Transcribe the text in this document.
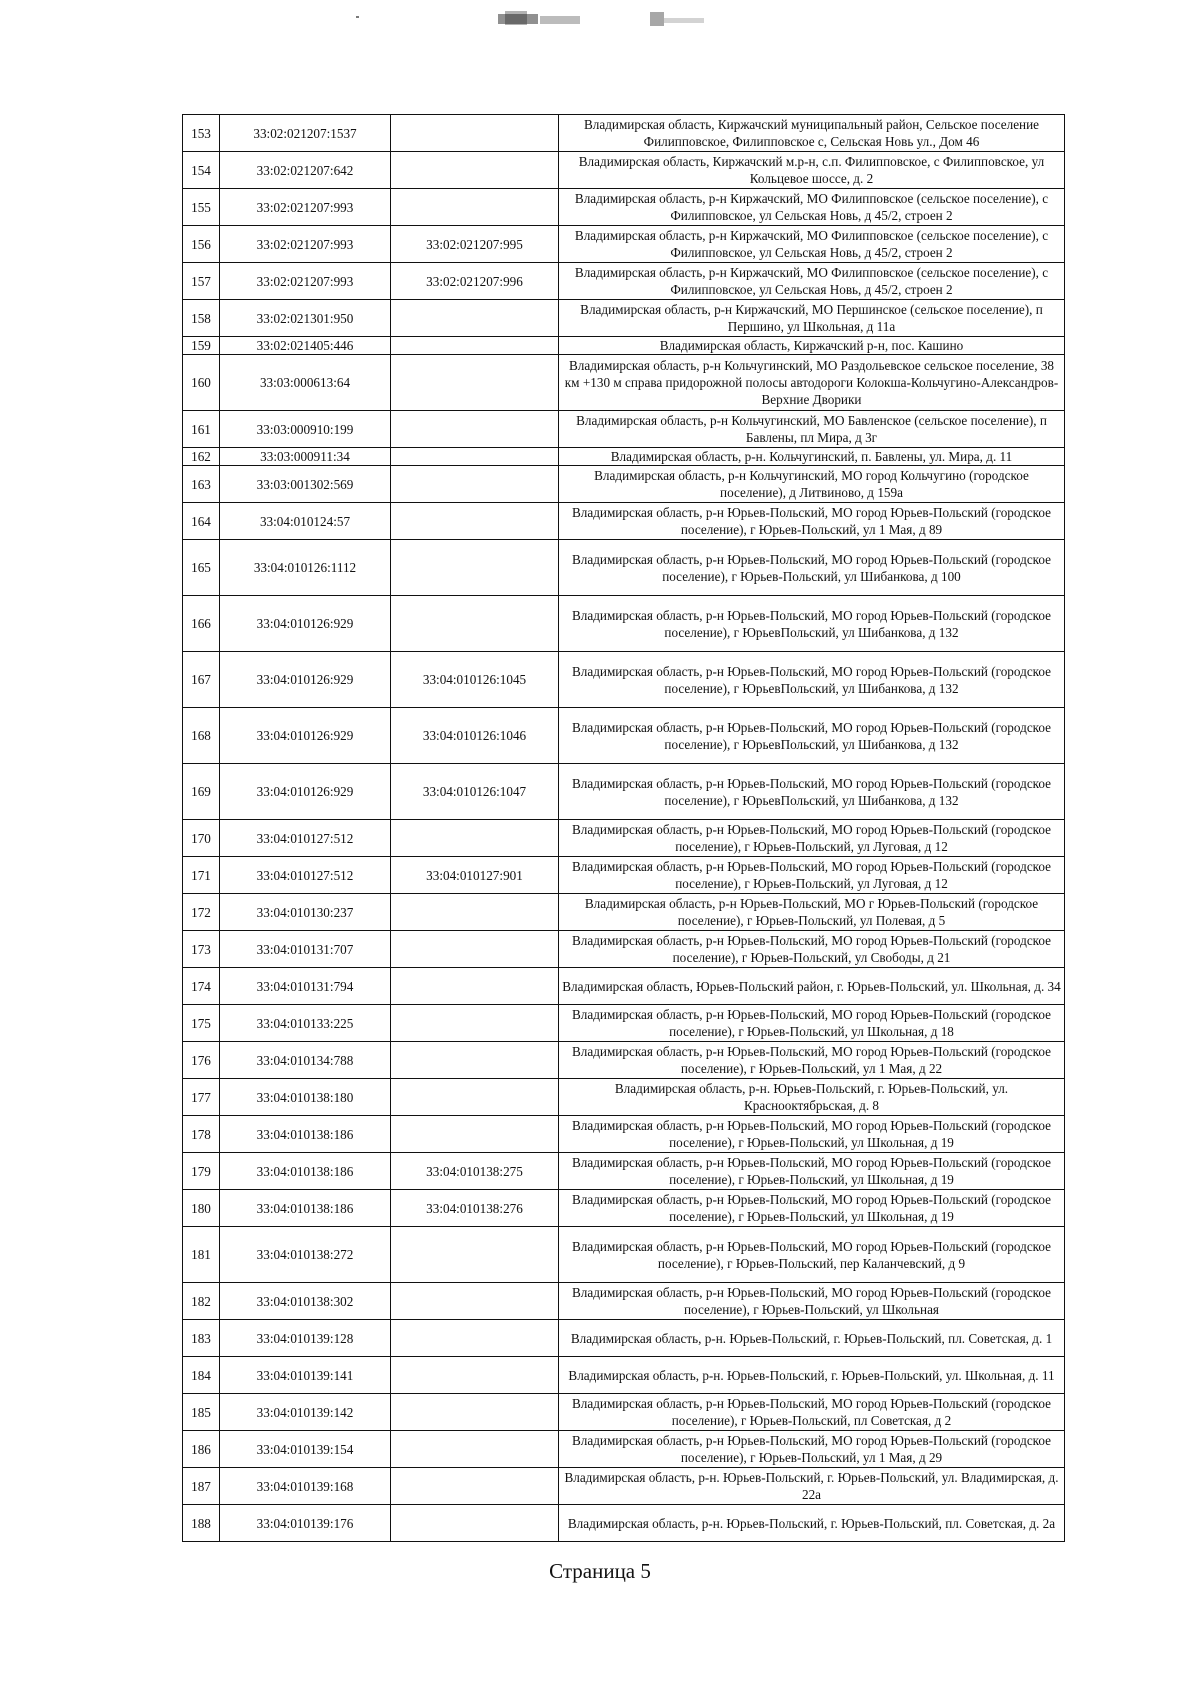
153	33:02:021207:1537		Владимирская область, Киржачский муниципальный район, Сельское поселение Филипповское, Филипповское с, Сельская Новь ул., Дом 46
154	33:02:021207:642		Владимирская область, Киржачский м.р-н, с.п. Филипповское, с Филипповское, ул Кольцевое шоссе, д. 2
155	33:02:021207:993		Владимирская область, р-н Киржачский, МО Филипповское (сельское поселение), с Филипповское, ул Сельская Новь, д 45/2, строен 2
156	33:02:021207:993	33:02:021207:995	Владимирская область, р-н Киржачский, МО Филипповское (сельское поселение), с Филипповское, ул Сельская Новь, д 45/2, строен 2
157	33:02:021207:993	33:02:021207:996	Владимирская область, р-н Киржачский, МО Филипповское (сельское поселение), с Филипповское, ул Сельская Новь, д 45/2, строен 2
158	33:02:021301:950		Владимирская область, р-н Киржачский, МО Першинское (сельское поселение), п Першино, ул Школьная, д 11а
159	33:02:021405:446		Владимирская область, Киржачский р-н, пос. Кашино
160	33:03:000613:64		Владимирская область, р-н Кольчугинский, МО Раздольевское сельское поселение, 38 км +130 м справа придорожной полосы автодороги Колокша-Кольчугино-Александров-Верхние Дворики
161	33:03:000910:199		Владимирская область, р-н Кольчугинский, МО Бавленское (сельское поселение), п Бавлены, пл Мира, д 3г
162	33:03:000911:34		Владимирская область, р-н. Кольчугинский, п. Бавлены, ул. Мира, д. 11
163	33:03:001302:569		Владимирская область, р-н Кольчугинский, МО город Кольчугино (городское поселение), д Литвиново, д 159а
164	33:04:010124:57		Владимирская область, р-н Юрьев-Польский, МО город Юрьев-Польский (городское поселение), г Юрьев-Польский, ул 1 Мая, д 89
165	33:04:010126:1112		Владимирская область, р-н Юрьев-Польский, МО город Юрьев-Польский (городское поселение), г Юрьев-Польский, ул Шибанкова, д 100
166	33:04:010126:929		Владимирская область, р-н Юрьев-Польский, МО город Юрьев-Польский (городское поселение), г ЮрьевПольский, ул Шибанкова, д 132
167	33:04:010126:929	33:04:010126:1045	Владимирская область, р-н Юрьев-Польский, МО город Юрьев-Польский (городское поселение), г ЮрьевПольский, ул Шибанкова, д 132
168	33:04:010126:929	33:04:010126:1046	Владимирская область, р-н Юрьев-Польский, МО город Юрьев-Польский (городское поселение), г ЮрьевПольский, ул Шибанкова, д 132
169	33:04:010126:929	33:04:010126:1047	Владимирская область, р-н Юрьев-Польский, МО город Юрьев-Польский (городское поселение), г ЮрьевПольский, ул Шибанкова, д 132
170	33:04:010127:512		Владимирская область, р-н Юрьев-Польский, МО город Юрьев-Польский (городское поселение), г Юрьев-Польский, ул Луговая, д 12
171	33:04:010127:512	33:04:010127:901	Владимирская область, р-н Юрьев-Польский, МО город Юрьев-Польский (городское поселение), г Юрьев-Польский, ул Луговая, д 12
172	33:04:010130:237		Владимирская область, р-н Юрьев-Польский, МО г Юрьев-Польский (городское поселение), г Юрьев-Польский, ул Полевая, д 5
173	33:04:010131:707		Владимирская область, р-н Юрьев-Польский, МО город Юрьев-Польский (городское поселение), г Юрьев-Польский, ул Свободы, д 21
174	33:04:010131:794		Владимирская область, Юрьев-Польский район, г. Юрьев-Польский, ул. Школьная, д. 34
175	33:04:010133:225		Владимирская область, р-н Юрьев-Польский, МО город Юрьев-Польский (городское поселение), г Юрьев-Польский, ул Школьная, д 18
176	33:04:010134:788		Владимирская область, р-н Юрьев-Польский, МО город Юрьев-Польский (городское поселение), г Юрьев-Польский, ул 1 Мая, д 22
177	33:04:010138:180		Владимирская область, р-н. Юрьев-Польский, г. Юрьев-Польский, ул. Краснооктябрьская, д. 8
178	33:04:010138:186		Владимирская область, р-н Юрьев-Польский, МО город Юрьев-Польский (городское поселение), г Юрьев-Польский, ул Школьная, д 19
179	33:04:010138:186	33:04:010138:275	Владимирская область, р-н Юрьев-Польский, МО город Юрьев-Польский (городское поселение), г Юрьев-Польский, ул Школьная, д 19
180	33:04:010138:186	33:04:010138:276	Владимирская область, р-н Юрьев-Польский, МО город Юрьев-Польский (городское поселение), г Юрьев-Польский, ул Школьная, д 19
181	33:04:010138:272		Владимирская область, р-н Юрьев-Польский, МО город Юрьев-Польский (городское поселение), г Юрьев-Польский, пер Каланчевский, д 9
182	33:04:010138:302		Владимирская область, р-н Юрьев-Польский, МО город Юрьев-Польский (городское поселение), г Юрьев-Польский, ул Школьная
183	33:04:010139:128		Владимирская область, р-н. Юрьев-Польский, г. Юрьев-Польский, пл. Советская, д. 1
184	33:04:010139:141		Владимирская область, р-н. Юрьев-Польский, г. Юрьев-Польский, ул. Школьная, д. 11
185	33:04:010139:142		Владимирская область, р-н Юрьев-Польский, МО город Юрьев-Польский (городское поселение), г Юрьев-Польский, пл Советская, д 2
186	33:04:010139:154		Владимирская область, р-н Юрьев-Польский, МО город Юрьев-Польский (городское поселение), г Юрьев-Польский, ул 1 Мая, д 29
187	33:04:010139:168		Владимирская область, р-н. Юрьев-Польский, г. Юрьев-Польский, ул. Владимирская, д. 22а
188	33:04:010139:176		Владимирская область, р-н. Юрьев-Польский, г. Юрьев-Польский, пл. Советская, д. 2а
Страница 5
